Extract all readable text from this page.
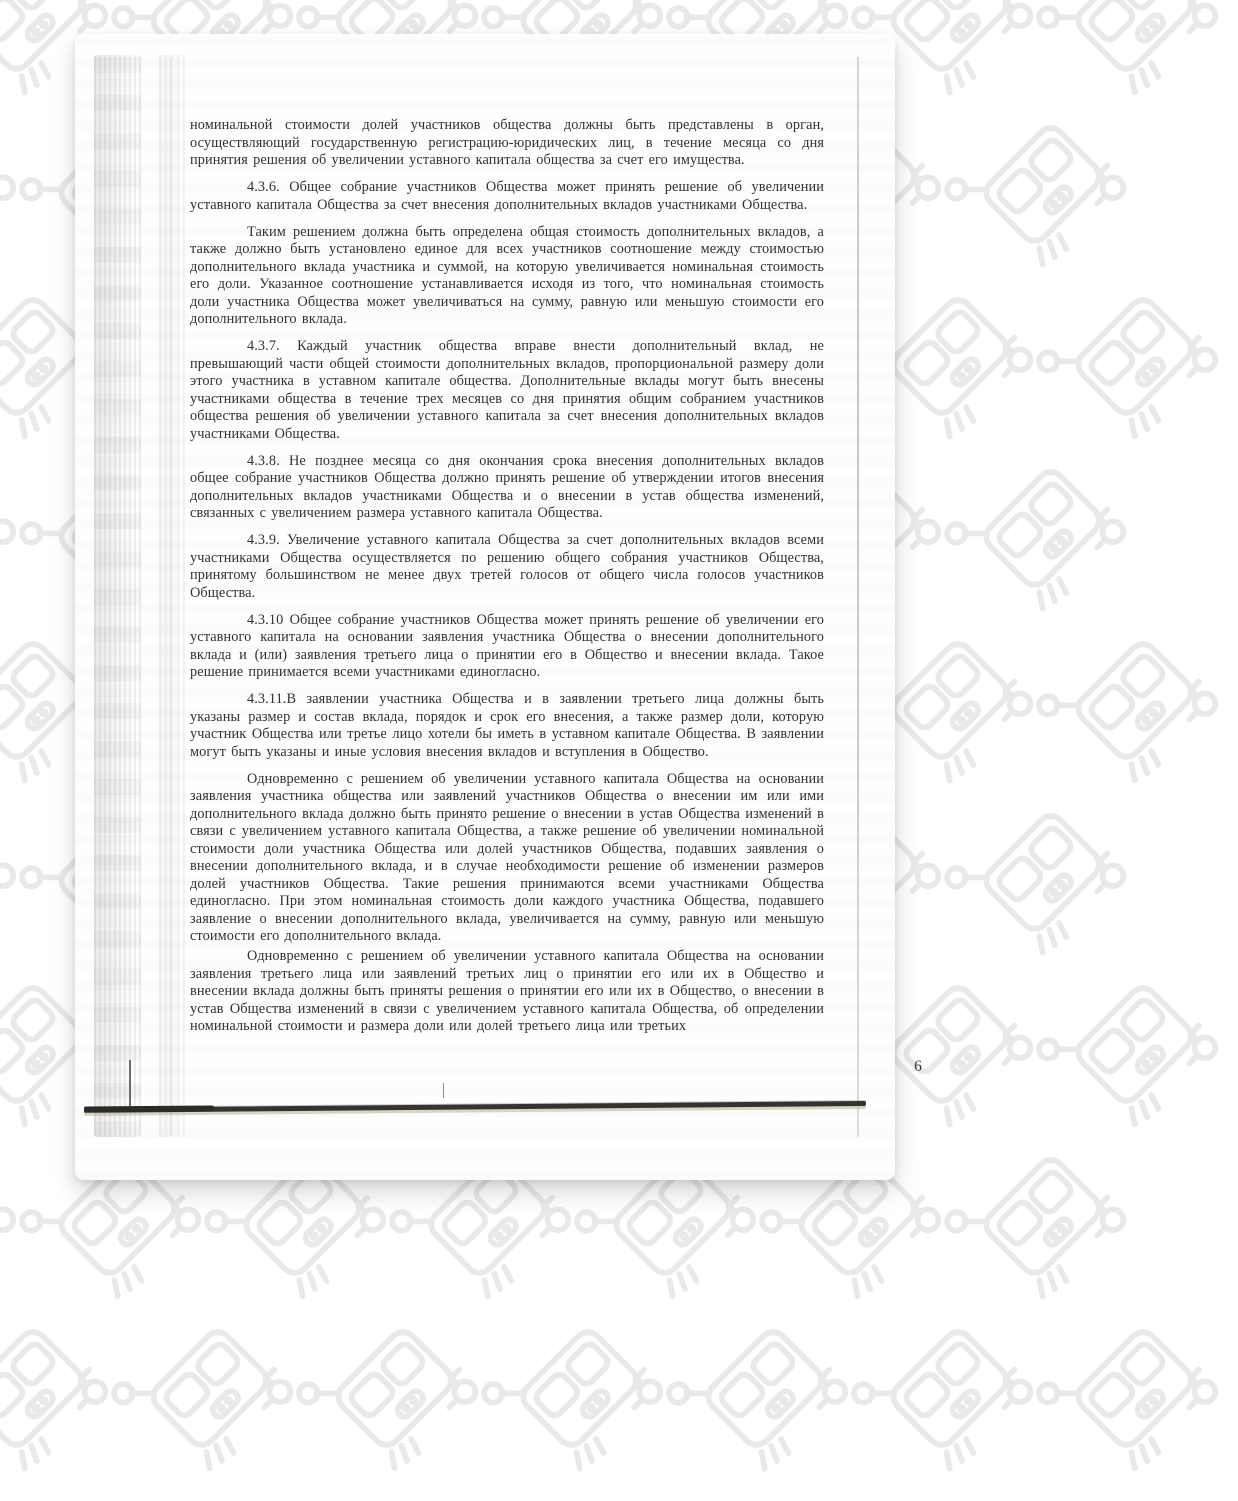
номинальной стоимости долей участников общества должны быть представлены в орган, осуществляющий государственную регистрацию-юридических лиц, в течение месяца со дня принятия решения об увеличении уставного капитала общества за счет его имущества.

4.3.6. Общее собрание участников Общества может принять решение об увеличении уставного капитала Общества за счет внесения дополнительных вкладов участниками Общества.

Таким решением должна быть определена общая стоимость дополнительных вкладов, а также должно быть установлено единое для всех участников соотношение между стоимостью дополнительного вклада участника и суммой, на которую увеличивается номинальная стоимость его доли. Указанное соотношение устанавливается исходя из того, что номинальная стоимость доли участника Общества может увеличиваться на сумму, равную или меньшую стоимости его дополнительного вклада.

4.3.7. Каждый участник общества вправе внести дополнительный вклад, не превышающий части общей стоимости дополнительных вкладов, пропорциональной размеру доли этого участника в уставном капитале общества. Дополнительные вклады могут быть внесены участниками общества в течение трех месяцев со дня принятия общим собранием участников общества решения об увеличении уставного капитала за счет внесения дополнительных вкладов участниками Общества.

4.3.8. Не позднее месяца со дня окончания срока внесения дополнительных вкладов общее собрание участников Общества должно принять решение об утверждении итогов внесения дополнительных вкладов участниками Общества и о внесении в устав общества изменений, связанных с увеличением размера уставного капитала Общества.

4.3.9. Увеличение уставного капитала Общества за счет дополнительных вкладов всеми участниками Общества осуществляется по решению общего собрания участников Общества, принятому большинством не менее двух третей голосов от общего числа голосов участников Общества.

4.3.10 Общее собрание участников Общества может принять решение об увеличении его уставного капитала на основании заявления участника Общества о внесении дополнительного вклада и (или) заявления третьего лица о принятии его в Общество и внесении вклада. Такое решение принимается всеми участниками единогласно.

4.3.11.В заявлении участника Общества и в заявлении третьего лица должны быть указаны размер и состав вклада, порядок и срок его внесения, а также размер доли, которую участник Общества или третье лицо хотели бы иметь в уставном капитале Общества. В заявлении могут быть указаны и иные условия внесения вкладов и вступления в Общество.

Одновременно с решением об увеличении уставного капитала Общества на основании заявления участника общества или заявлений участников Общества о внесении им или ими дополнительного вклада должно быть принято решение о внесении в устав Общества изменений в связи с увеличением уставного капитала Общества, а также решение об увеличении номинальной стоимости доли участника Общества или долей участников Общества, подавших заявления о внесении дополнительного вклада, и в случае необходимости решение об изменении размеров долей участников Общества. Такие решения принимаются всеми участниками Общества единогласно. При этом номинальная стоимость доли каждого участника Общества, подавшего заявление о внесении дополнительного вклада, увеличивается на сумму, равную или меньшую стоимости его дополнительного вклада.

Одновременно с решением об увеличении уставного капитала Общества на основании заявления третьего лица или заявлений третьих лиц о принятии его или их в Общество и внесении вклада должны быть приняты решения о принятии его или их в Общество, о внесении в устав Общества изменений в связи с увеличением уставного капитала Общества, об определении номинальной стоимости и размера доли или долей третьего лица или третьих

6
